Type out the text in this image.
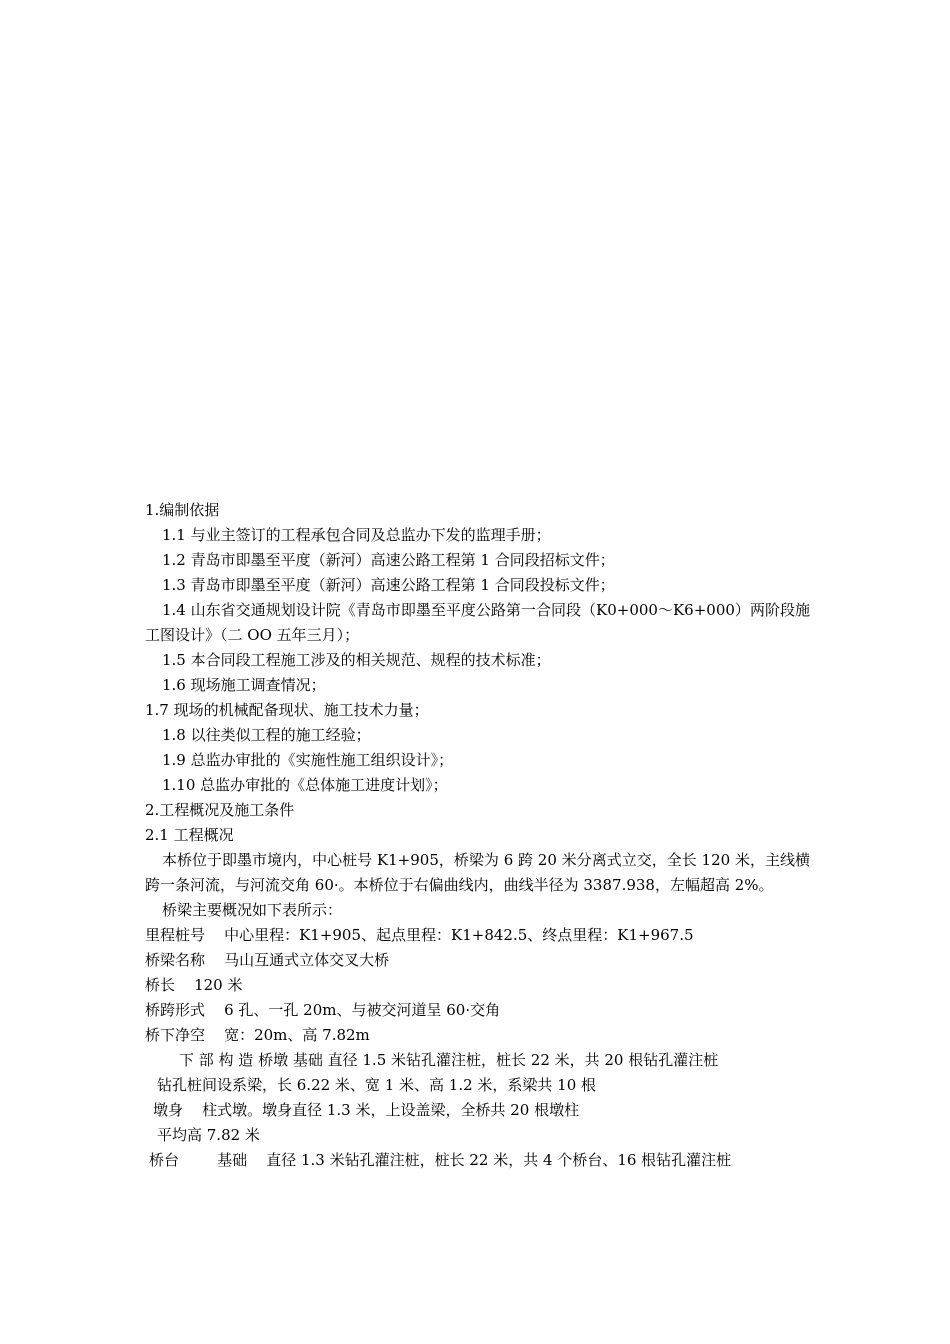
1.编制依据
1.1 与业主签订的工程承包合同及总监办下发的监理手册；
1.2 青岛市即墨至平度（新河）高速公路工程第 1 合同段招标文件；
1.3 青岛市即墨至平度（新河）高速公路工程第 1 合同段投标文件；
1.4 山东省交通规划设计院《青岛市即墨至平度公路第一合同段（K0+000～K6+000）两阶段施工图设计》（二 OO 五年三月）；
1.5 本合同段工程施工涉及的相关规范、规程的技术标准；
1.6 现场施工调查情况；
1.7 现场的机械配备现状、施工技术力量；
1.8 以往类似工程的施工经验；
1.9 总监办审批的《实施性施工组织设计》；
1.10 总监办审批的《总体施工进度计划》；
2.工程概况及施工条件
2.1 工程概况
本桥位于即墨市境内，中心桩号 K1+905，桥梁为 6 跨 20 米分离式立交，全长 120 米，主线横跨一条河流，与河流交角 60·。本桥位于右偏曲线内，曲线半径为 3387.938，左幅超高 2%。
桥梁主要概况如下表所示：
里程桩号    中心里程：K1+905、起点里程：K1+842.5、终点里程：K1+967.5
桥梁名称    马山互通式立体交叉大桥
桥长    120 米
桥跨形式    6 孔、一孔 20m、与被交河道呈 60·交角
桥下净空    宽：20m、高 7.82m
下 部 构 造 桥墩 基础 直径 1.5 米钻孔灌注桩，桩长 22 米，共 20 根钻孔灌注桩
钻孔桩间设系梁，长 6.22 米、宽 1 米、高 1.2 米，系梁共 10 根
墩身    柱式墩。墩身直径 1.3 米，上设盖梁，全桥共 20 根墩柱
平均高 7.82 米
桥台        基础    直径 1.3 米钻孔灌注桩，桩长 22 米，共 4 个桥台、16 根钻孔灌注桩
